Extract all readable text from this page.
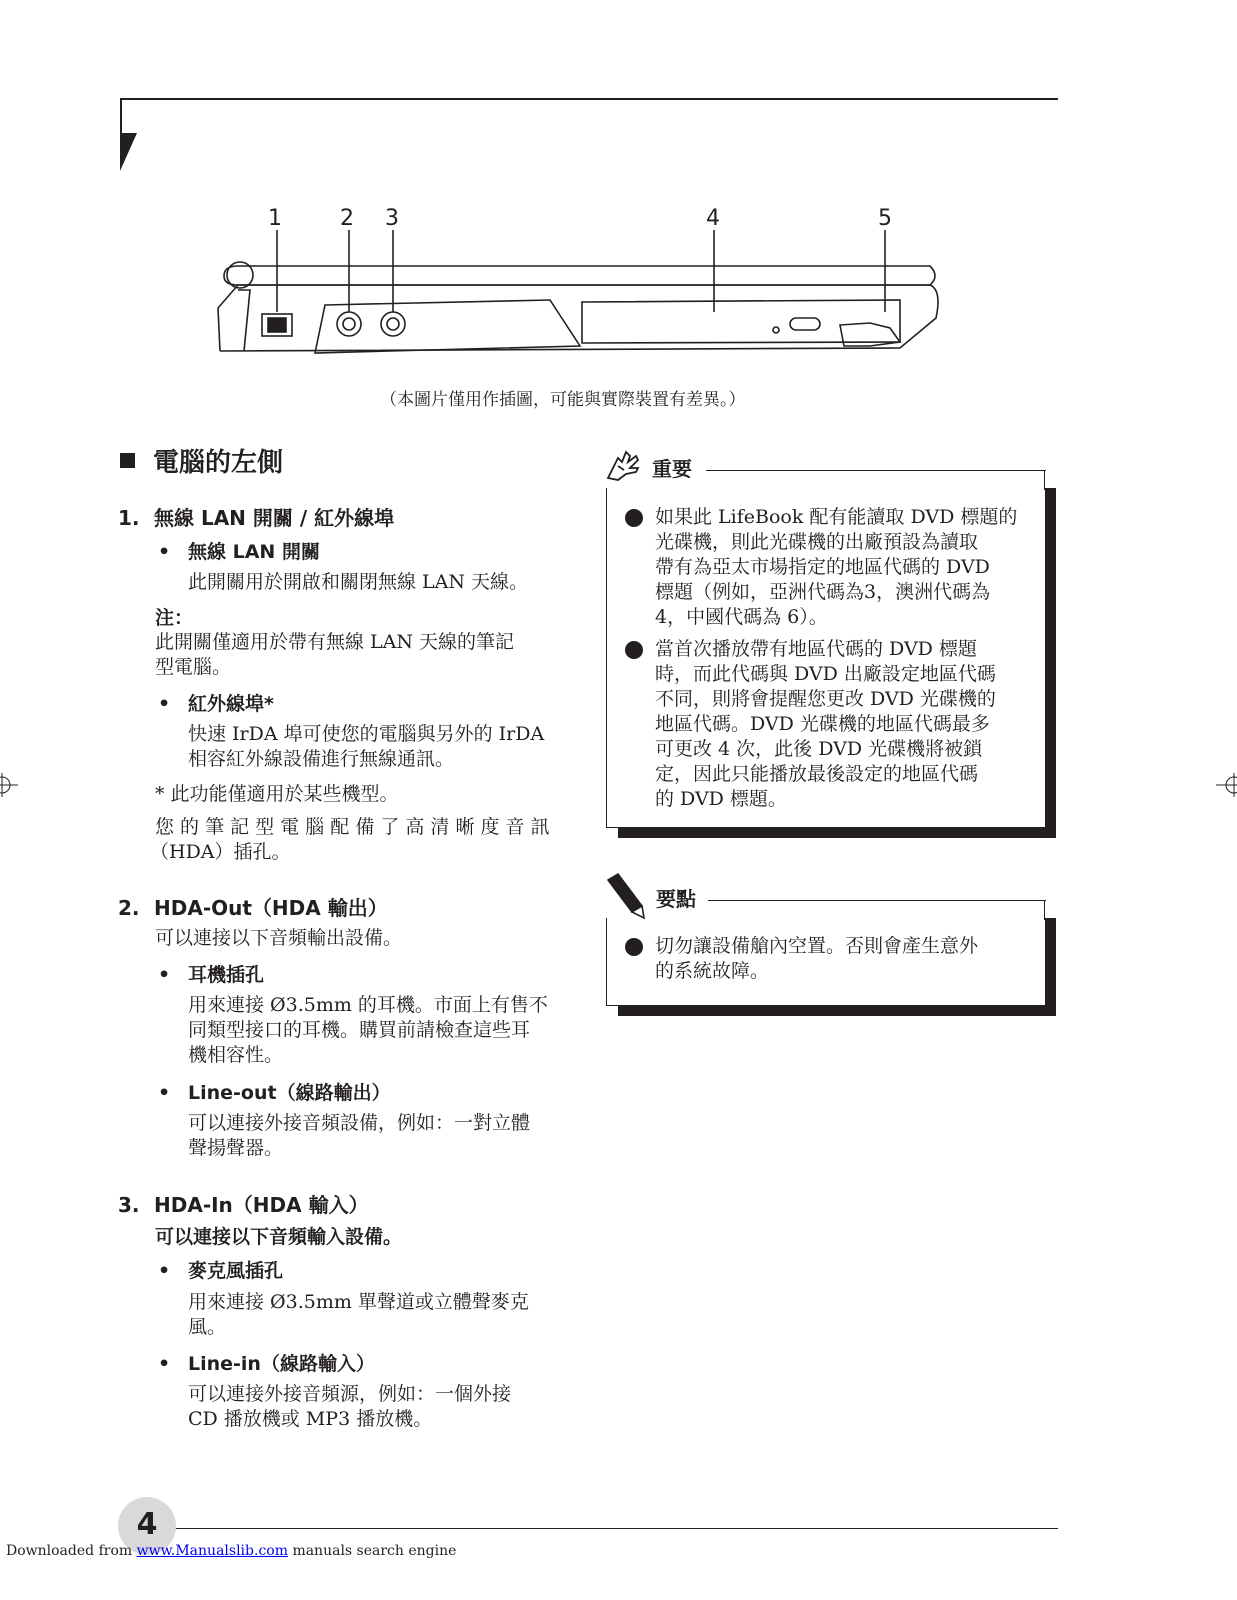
1	2 3	4	5
（本圖片僅用作插圖，可能與實際裝置有差異。）
電腦的左側
1. 無線 LAN 開關 / 紅外線埠
• 無線 LAN 開關
此開關用於開啟和關閉無線 LAN 天線。
注：
此開關僅適用於帶有無線 LAN 天線的筆記
型電腦。
• 紅外線埠*
快速 IrDA 埠可使您的電腦與另外的 IrDA
相容紅外線設備進行無線通訊。
* 此功能僅適用於某些機型。
您 的 筆 記 型 電 腦 配 備 了 高 清 晰 度 音 訊
（HDA）插孔。
2. HDA-Out（HDA 輸出）
可以連接以下音頻輸出設備。
• 耳機插孔
用來連接 Ø3.5mm 的耳機。市面上有售不
同類型接口的耳機。購買前請檢查這些耳
機相容性。
• Line-out（線路輸出）
可以連接外接音頻設備，例如：一對立體
聲揚聲器。
3. HDA-In（HDA 輸入）
可以連接以下音頻輸入設備。
• 麥克風插孔
用來連接 Ø3.5mm 單聲道或立體聲麥克
風。
• Line-in（線路輸入）
可以連接外接音頻源，例如：一個外接
CD 播放機或 MP3 播放機。
重要
如果此 LifeBook 配有能讀取 DVD 標題的
光碟機，則此光碟機的出廠預設為讀取
帶有為亞太市場指定的地區代碼的 DVD
標題（例如，亞洲代碼為3，澳洲代碼為
4，中國代碼為 6）。
當首次播放帶有地區代碼的 DVD 標題
時，而此代碼與 DVD 出廠設定地區代碼
不同，則將會提醒您更改 DVD 光碟機的
地區代碼。DVD 光碟機的地區代碼最多
可更改 4 次，此後 DVD 光碟機將被鎖
定，因此只能播放最後設定的地區代碼
的 DVD 標題。
要點
切勿讓設備艙內空置。否則會產生意外
的系統故障。
4
Downloaded from www.Manualslib.com manuals search engine
